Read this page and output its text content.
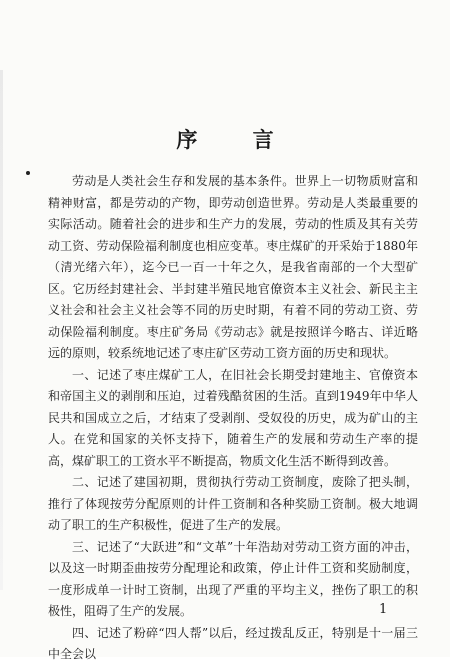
序 言

劳动是人类社会生存和发展的基本条件。世界上一切物质财富和精神财富，都是劳动的产物，即劳动创造世界。劳动是人类最重要的实际活动。随着社会的进步和生产力的发展，劳动的性质及其有关劳动工资、劳动保险福利制度也相应变革。枣庄煤矿的开采始于1880年（清光绪六年），迄今已一百一十年之久，是我省南部的一个大型矿区。它历经封建社会、半封建半殖民地官僚资本主义社会、新民主主义社会和社会主义社会等不同的历史时期，有着不同的劳动工资、劳动保险福利制度。枣庄矿务局《劳动志》就是按照详今略古、详近略远的原则，较系统地记述了枣庄矿区劳动工资方面的历史和现状。

一、记述了枣庄煤矿工人，在旧社会长期受封建地主、官僚资本和帝国主义的剥削和压迫，过着残酷贫困的生活。直到1949年中华人民共和国成立之后，才结束了受剥削、受奴役的历史，成为矿山的主人。在党和国家的关怀支持下，随着生产的发展和劳动生产率的提高，煤矿职工的工资水平不断提高，物质文化生活不断得到改善。

二、记述了建国初期，贯彻执行劳动工资制度，废除了把头制，推行了体现按劳分配原则的计件工资制和各种奖励工资制。极大地调动了职工的生产积极性，促进了生产的发展。

三、记述了“大跃进”和“文革”十年浩劫对劳动工资方面的冲击，以及这一时期歪曲按劳分配理论和政策，停止计件工资和奖励制度，一度形成单一计时工资制，出现了严重的平均主义，挫伤了职工的积极性，阻碍了生产的发展。

四、记述了粉碎“四人帮”以后，经过拨乱反正，特别是十一届三中全会以

1
